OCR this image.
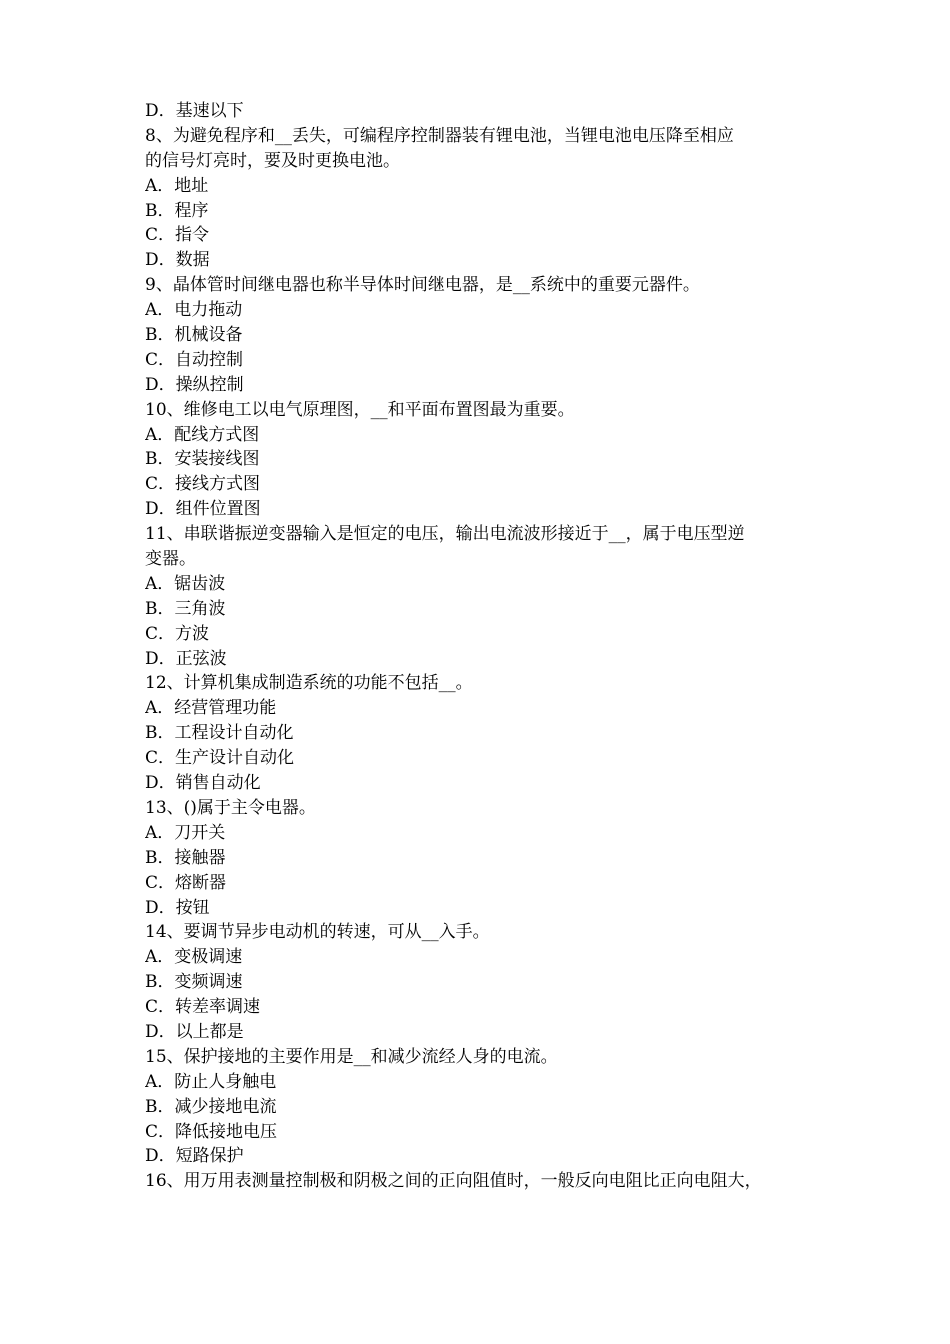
D．基速以下
8、为避免程序和__丢失，可编程序控制器装有锂电池，当锂电池电压降至相应
的信号灯亮时，要及时更换电池。
A．地址
B．程序
C．指令
D．数据
9、晶体管时间继电器也称半导体时间继电器，是__系统中的重要元器件。
A．电力拖动
B．机械设备
C．自动控制
D．操纵控制
10、维修电工以电气原理图，__和平面布置图最为重要。
A．配线方式图
B．安装接线图
C．接线方式图
D．组件位置图
11、串联谐振逆变器输入是恒定的电压，输出电流波形接近于__，属于电压型逆
变器。
A．锯齿波
B．三角波
C．方波
D．正弦波
12、计算机集成制造系统的功能不包括__。
A．经营管理功能
B．工程设计自动化
C．生产设计自动化
D．销售自动化
13、()属于主令电器。
A．刀开关
B．接触器
C．熔断器
D．按钮
14、要调节异步电动机的转速，可从__入手。
A．变极调速
B．变频调速
C．转差率调速
D．以上都是
15、保护接地的主要作用是__和减少流经人身的电流。
A．防止人身触电
B．减少接地电流
C．降低接地电压
D．短路保护
16、用万用表测量控制极和阴极之间的正向阻值时，一般反向电阻比正向电阻大，
